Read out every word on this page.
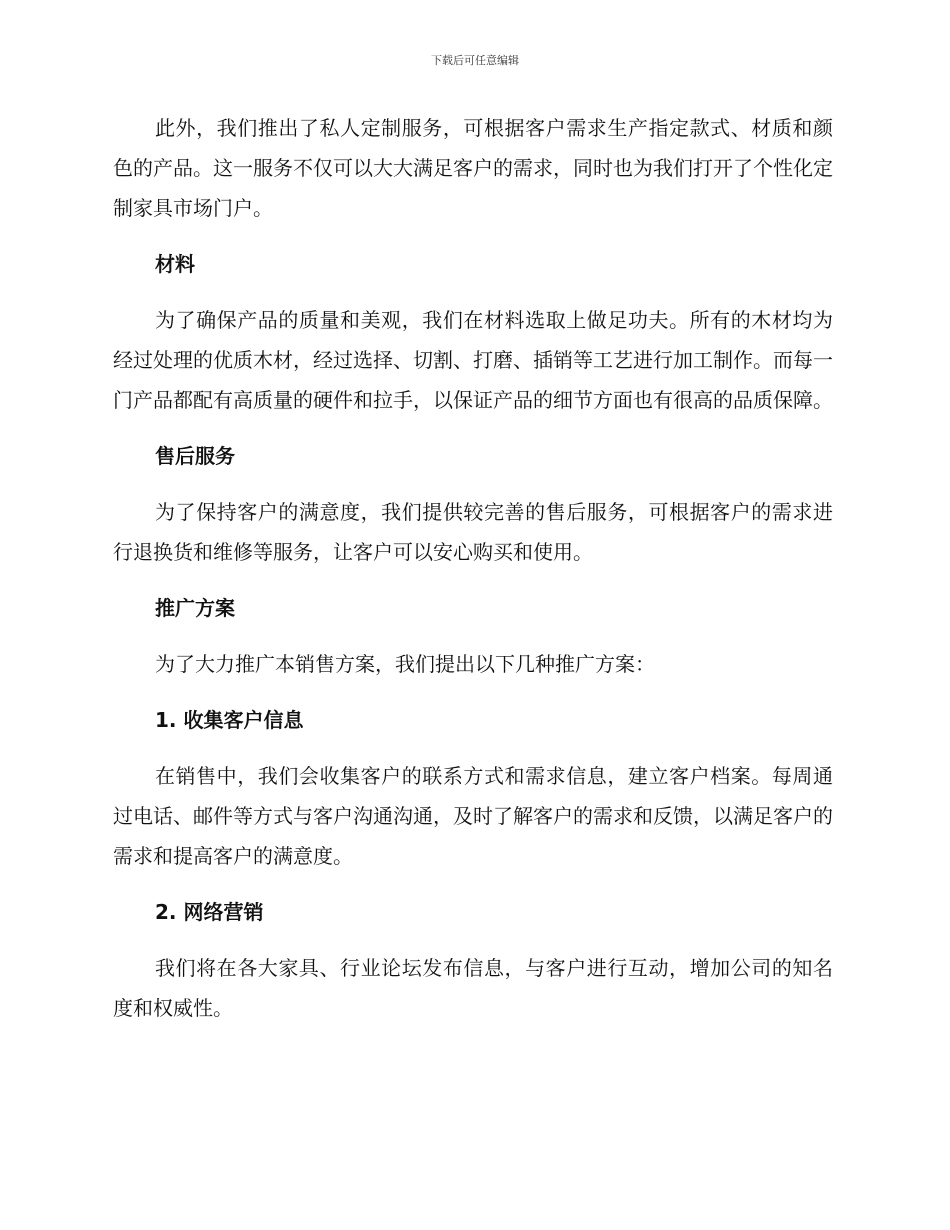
下载后可任意编辑

此外，我们推出了私人定制服务，可根据客户需求生产指定款式、材质和颜色的产品。这一服务不仅可以大大满足客户的需求，同时也为我们打开了个性化定制家具市场门户。

材料

为了确保产品的质量和美观，我们在材料选取上做足功夫。所有的木材均为经过处理的优质木材，经过选择、切割、打磨、插销等工艺进行加工制作。而每一门产品都配有高质量的硬件和拉手，以保证产品的细节方面也有很高的品质保障。

售后服务

为了保持客户的满意度，我们提供较完善的售后服务，可根据客户的需求进行退换货和维修等服务，让客户可以安心购买和使用。

推广方案

为了大力推广本销售方案，我们提出以下几种推广方案：

1. 收集客户信息

在销售中，我们会收集客户的联系方式和需求信息，建立客户档案。每周通过电话、邮件等方式与客户沟通沟通，及时了解客户的需求和反馈，以满足客户的需求和提高客户的满意度。

2. 网络营销

我们将在各大家具、行业论坛发布信息，与客户进行互动，增加公司的知名度和权威性。
